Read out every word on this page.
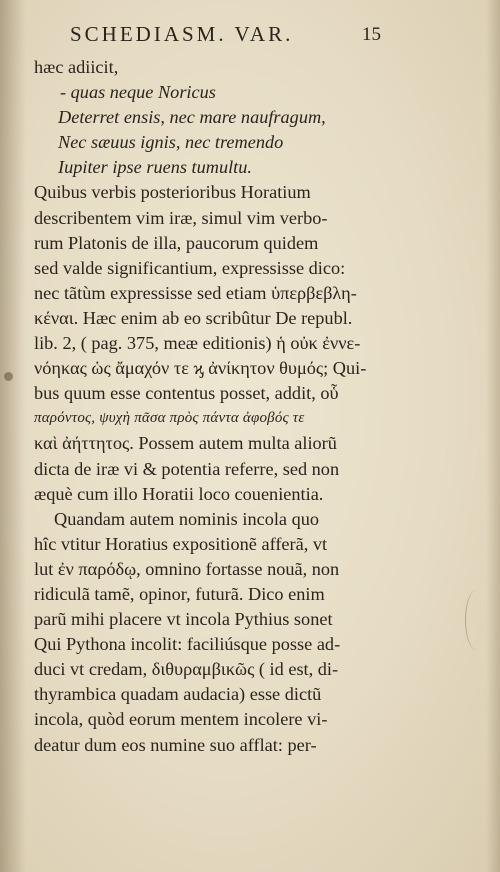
SCHEDIASM. VAR.	15
hæc adiicit,
- quas neque Noricus
Deterret ensis, nec mare naufragum,
Nec sæuus ignis, nec tremendo
Iupiter ipse ruens tumultu.
Quibus verbis posterioribus Horatium
describentem vim iræ, simul vim verbo-
rum Platonis de illa, paucorum quidem
sed valde significantium, expressisse dico:
nec tãtùm expressisse sed etiam ὑπερβεβλη-
κέναι. Hæc enim ab eo scribûtur De republ.
lib. 2, ( pag. 375, meæ editionis) ἡ οὐκ ἐννε-
νόηκας ὡς ἄμαχόν τε ϗ ἀνίκητον θυμός; Qui-
bus quum esse contentus posset, addit, οὗ
παρόντος, ψυχὴ πᾶσα πρὸς πάντα ἀφοβός τε
καὶ ἀήττητος. Possem autem multa aliorũ
dicta de iræ vi & potentia referre, sed non
æquè cum illo Horatii loco couenientia.
Quandam autem nominis incola quo
hîc vtitur Horatius expositionẽ afferã, vt
lut ἐν παρόδῳ, omnino fortasse nouã, non
ridiculã tamẽ, opinor, futurã. Dico enim
parũ mihi placere vt incola Pythius sonet
Qui Pythona incolit: faciliúsque posse ad-
duci vt credam, διθυραμβικῶς ( id est, di-
thyrambica quadam audacia) esse dictũ
incola, quòd eorum mentem incolere vi-
deatur dum eos numine suo afflat: per-
